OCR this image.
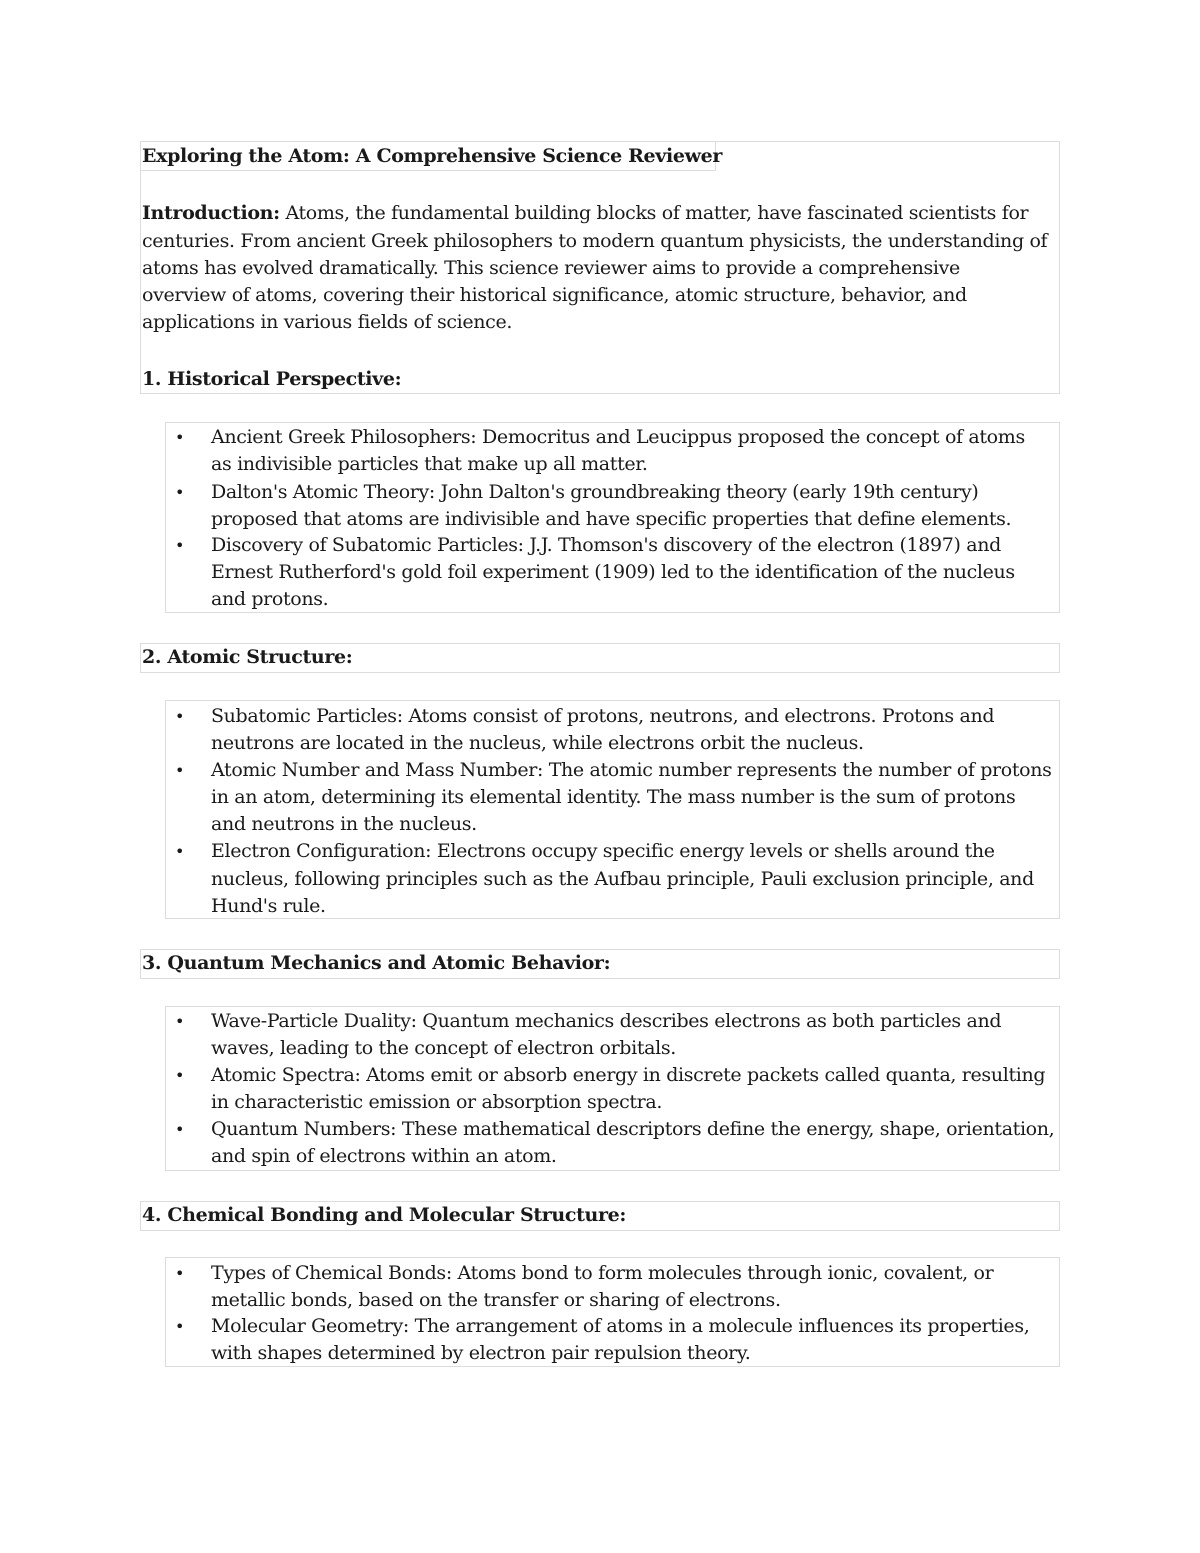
Exploring the Atom: A Comprehensive Science Reviewer
Introduction: Atoms, the fundamental building blocks of matter, have fascinated scientists for
centuries. From ancient Greek philosophers to modern quantum physicists, the understanding of
atoms has evolved dramatically. This science reviewer aims to provide a comprehensive
overview of atoms, covering their historical significance, atomic structure, behavior, and
applications in various fields of science.
1. Historical Perspective:
• Ancient Greek Philosophers: Democritus and Leucippus proposed the concept of atoms
as indivisible particles that make up all matter.
• Dalton's Atomic Theory: John Dalton's groundbreaking theory (early 19th century)
proposed that atoms are indivisible and have specific properties that define elements.
• Discovery of Subatomic Particles: J.J. Thomson's discovery of the electron (1897) and
Ernest Rutherford's gold foil experiment (1909) led to the identification of the nucleus
and protons.
2. Atomic Structure:
• Subatomic Particles: Atoms consist of protons, neutrons, and electrons. Protons and
neutrons are located in the nucleus, while electrons orbit the nucleus.
• Atomic Number and Mass Number: The atomic number represents the number of protons
in an atom, determining its elemental identity. The mass number is the sum of protons
and neutrons in the nucleus.
• Electron Configuration: Electrons occupy specific energy levels or shells around the
nucleus, following principles such as the Aufbau principle, Pauli exclusion principle, and
Hund's rule.
3. Quantum Mechanics and Atomic Behavior:
• Wave-Particle Duality: Quantum mechanics describes electrons as both particles and
waves, leading to the concept of electron orbitals.
• Atomic Spectra: Atoms emit or absorb energy in discrete packets called quanta, resulting
in characteristic emission or absorption spectra.
• Quantum Numbers: These mathematical descriptors define the energy, shape, orientation,
and spin of electrons within an atom.
4. Chemical Bonding and Molecular Structure:
• Types of Chemical Bonds: Atoms bond to form molecules through ionic, covalent, or
metallic bonds, based on the transfer or sharing of electrons.
• Molecular Geometry: The arrangement of atoms in a molecule influences its properties,
with shapes determined by electron pair repulsion theory.
